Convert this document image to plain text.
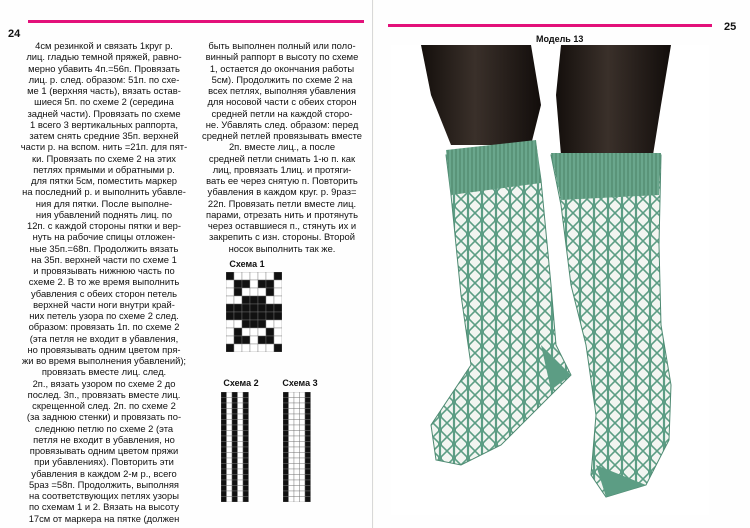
24
4см резинкой и связать 1круг р.
лиц. гладью темной пряжей, равно-
мерно убавить 4п.=56п. Провязать
лиц. р. след. образом: 51п. по схе-
ме 1 (верхняя часть), вязать остав-
шиеся 5п. по схеме 2 (середина
задней части). Провязать по схеме
1 всего 3 вертикальных раппорта,
затем снять средние 35п. верхней
части р. на вспом. нить =21п. для пят-
ки. Провязать по схеме 2 на этих
петлях прямыми и обратными р.
для пятки 5см, поместить маркер
на последний р. и выполнить убавле-
ния для пятки. После выполне-
ния убавлений поднять лиц. по
12п. с каждой стороны пятки и вер-
нуть на рабочие спицы отложен-
ные 35п.=68п. Продолжить вязать
на 35п. верхней части по схеме 1
и провязывать нижнюю часть по
схеме 2. В то же время выполнить
убавления с обеих сторон петель
верхней части ноги внутри край-
них петель узора по схеме 2 след.
образом: провязать 1п. по схеме 2
(эта петля не входит в убавления,
но провязывать одним цветом пря-
жи во время выполнения убавлений);
провязать вместе лиц. след.
2п., вязать узором по схеме 2 до
послед. 3п., провязать вместе лиц.
скрещенной след. 2п. по схеме 2
(за заднюю стенки) и провязать по-
следнюю петлю по схеме 2 (эта
петля не входит в убавления, но
провязывать одним цветом пряжи
при убавлениях). Повторить эти
убавления в каждом 2-м р., всего
5раз =58п. Продолжить, выполняя
на соответствующих петлях узоры
по схемам 1 и 2. Вязать на высоту
17см от маркера на пятке (должен
быть выполнен полный или поло-
винный раппорт в высоту по схеме
1, остается до окончания работы
5см). Продолжить по схеме 2 на
всех петлях, выполняя убавления
для носовой части с обеих сторон
средней петли на каждой сторо-
не. Убавлять след. образом: перед
средней петлей провязывать вместе
2п. вместе лиц., а после
средней петли снимать 1-ю п. как
лиц, провязать 1лиц. и протяги-
вать ее через снятую п. Повторить
убавления в каждом круг. р. 9раз=
22п. Провязать петли вместе лиц.
парами, отрезать нить и протянуть
через оставшиеся п., стянуть их и
закрепить с изн. стороны. Второй
носок выполнить так же.
Схема 1
Схема 2	Схема 3
25
Модель 13
